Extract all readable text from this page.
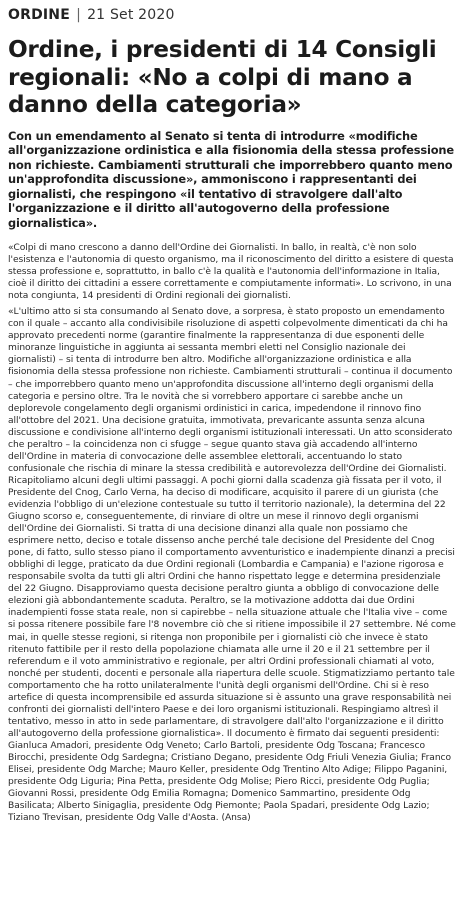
ORDINE | 21 Set 2020
Ordine, i presidenti di 14 Consigli regionali: «No a colpi di mano a danno della categoria»

Con un emendamento al Senato si tenta di introdurre «modifiche all'organizzazione ordinistica e alla fisionomia della stessa professione non richieste. Cambiamenti strutturali che imporrebbero quanto meno un'approfondita discussione», ammoniscono i rappresentanti dei giornalisti, che respingono «il tentativo di stravolgere dall'alto l'organizzazione e il diritto all'autogoverno della professione giornalistica».

«Colpi di mano crescono a danno dell'Ordine dei Giornalisti. In ballo, in realtà, c'è non solo l'esistenza e l'autonomia di questo organismo, ma il riconoscimento del diritto a esistere di questa stessa professione e, soprattutto, in ballo c'è la qualità e l'autonomia dell'informazione in Italia, cioè il diritto dei cittadini a essere correttamente e compiutamente informati». Lo scrivono, in una nota congiunta, 14 presidenti di Ordini regionali dei giornalisti.

«L'ultimo atto si sta consumando al Senato dove, a sorpresa, è stato proposto un emendamento con il quale – accanto alla condivisibile risoluzione di aspetti colpevolmente dimenticati da chi ha approvato precedenti norme (garantire finalmente la rappresentanza di due esponenti delle minoranze linguistiche in aggiunta ai sessanta membri eletti nel Consiglio nazionale dei giornalisti) – si tenta di introdurre ben altro. Modifiche all'organizzazione ordinistica e alla fisionomia della stessa professione non richieste. Cambiamenti strutturali – continua il documento – che imporrebbero quanto meno un'approfondita discussione all'interno degli organismi della categoria e persino oltre. Tra le novità che si vorrebbero apportare ci sarebbe anche un deplorevole congelamento degli organismi ordinistici in carica, impedendone il rinnovo fino all'ottobre del 2021. Una decisione gratuita, immotivata, prevaricante assunta senza alcuna discussione e condivisione all'interno degli organismi istituzionali interessati. Un atto sconsiderato che peraltro – la coincidenza non ci sfugge – segue quanto stava già accadendo all'interno dell'Ordine in materia di convocazione delle assemblee elettorali, accentuando lo stato confusionale che rischia di minare la stessa credibilità e autorevolezza dell'Ordine dei Giornalisti. Ricapitoliamo alcuni degli ultimi passaggi. A pochi giorni dalla scadenza già fissata per il voto, il Presidente del Cnog, Carlo Verna, ha deciso di modificare, acquisito il parere di un giurista (che evidenzia l'obbligo di un'elezione contestuale su tutto il territorio nazionale), la determina del 22 Giugno scorso e, conseguentemente, di rinviare di oltre un mese il rinnovo degli organismi dell'Ordine dei Giornalisti. Si tratta di una decisione dinanzi alla quale non possiamo che esprimere netto, deciso e totale dissenso anche perché tale decisione del Presidente del Cnog pone, di fatto, sullo stesso piano il comportamento avventuristico e inadempiente dinanzi a precisi obblighi di legge, praticato da due Ordini regionali (Lombardia e Campania) e l'azione rigorosa e responsabile svolta da tutti gli altri Ordini che hanno rispettato legge e determina presidenziale del 22 Giugno. Disapproviamo questa decisione peraltro giunta a obbligo di convocazione delle elezioni già abbondantemente scaduta. Peraltro, se la motivazione addotta dai due Ordini inadempienti fosse stata reale, non si capirebbe – nella situazione attuale che l'Italia vive – come si possa ritenere possibile fare l'8 novembre ciò che si ritiene impossibile il 27 settembre. Né come mai, in quelle stesse regioni, si ritenga non proponibile per i giornalisti ciò che invece è stato ritenuto fattibile per il resto della popolazione chiamata alle urne il 20 e il 21 settembre per il referendum e il voto amministrativo e regionale, per altri Ordini professionali chiamati al voto, nonché per studenti, docenti e personale alla riapertura delle scuole. Stigmatizziamo pertanto tale comportamento che ha rotto unilateralmente l'unità degli organismi dell'Ordine. Chi si è reso artefice di questa incomprensibile ed assurda situazione si è assunto una grave responsabilità nei confronti dei giornalisti dell'intero Paese e dei loro organismi istituzionali. Respingiamo altresì il tentativo, messo in atto in sede parlamentare, di stravolgere dall'alto l'organizzazione e il diritto all'autogoverno della professione giornalistica». Il documento è firmato dai seguenti presidenti: Gianluca Amadori, presidente Odg Veneto; Carlo Bartoli, presidente Odg Toscana; Francesco Birocchi, presidente Odg Sardegna; Cristiano Degano, presidente Odg Friuli Venezia Giulia; Franco Elisei, presidente Odg Marche; Mauro Keller, presidente Odg Trentino Alto Adige; Filippo Paganini, presidente Odg Liguria; Pina Petta, presidente Odg Molise; Piero Ricci, presidente Odg Puglia; Giovanni Rossi, presidente Odg Emilia Romagna; Domenico Sammartino, presidente Odg Basilicata; Alberto Sinigaglia, presidente Odg Piemonte; Paola Spadari, presidente Odg Lazio; Tiziano Trevisan, presidente Odg Valle d'Aosta. (Ansa)
